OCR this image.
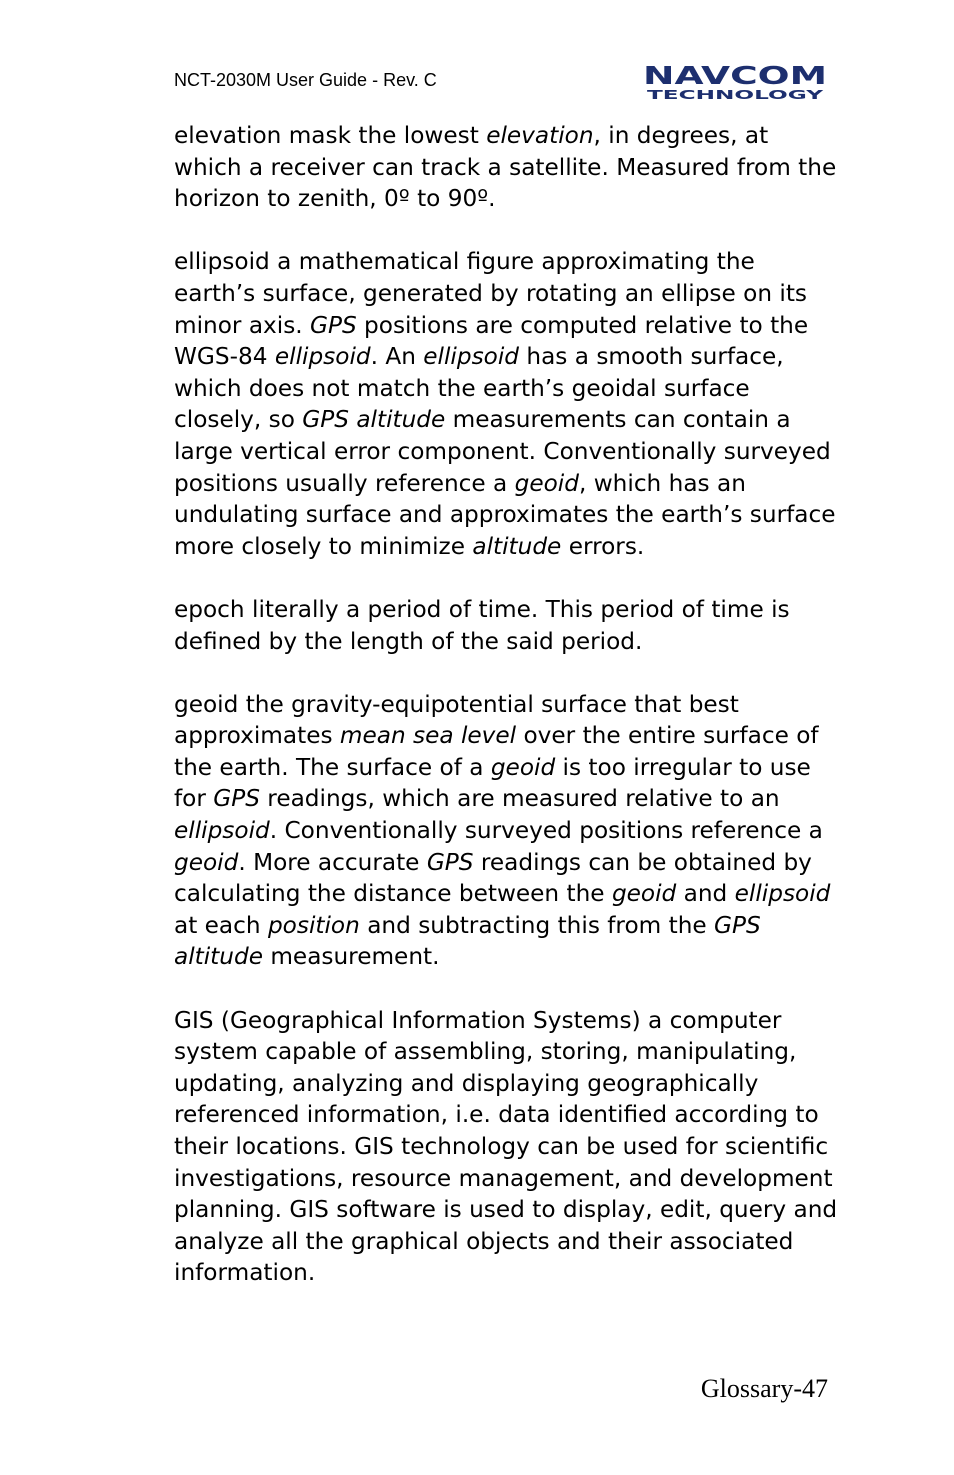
NCT-2030M User Guide - Rev. C	NAVCOM
TECHNOLOGY

elevation mask the lowest elevation, in degrees, at which a receiver can track a satellite. Measured from the horizon to zenith, 0º to 90º.

ellipsoid a mathematical figure approximating the earth’s surface, generated by rotating an ellipse on its minor axis. GPS positions are computed relative to the WGS-84 ellipsoid. An ellipsoid has a smooth surface, which does not match the earth’s geoidal surface closely, so GPS altitude measurements can contain a large vertical error component. Conventionally surveyed positions usually reference a geoid, which has an undulating surface and approximates the earth’s surface more closely to minimize altitude errors.

epoch literally a period of time. This period of time is defined by the length of the said period.

geoid the gravity-equipotential surface that best approximates mean sea level over the entire surface of the earth. The surface of a geoid is too irregular to use for GPS readings, which are measured relative to an ellipsoid. Conventionally surveyed positions reference a geoid. More accurate GPS readings can be obtained by calculating the distance between the geoid and ellipsoid at each position and subtracting this from the GPS altitude measurement.

GIS (Geographical Information Systems) a computer system capable of assembling, storing, manipulating, updating, analyzing and displaying geographically referenced information, i.e. data identified according to their locations. GIS technology can be used for scientific investigations, resource management, and development planning. GIS software is used to display, edit, query and analyze all the graphical objects and their associated information.

Glossary-47
